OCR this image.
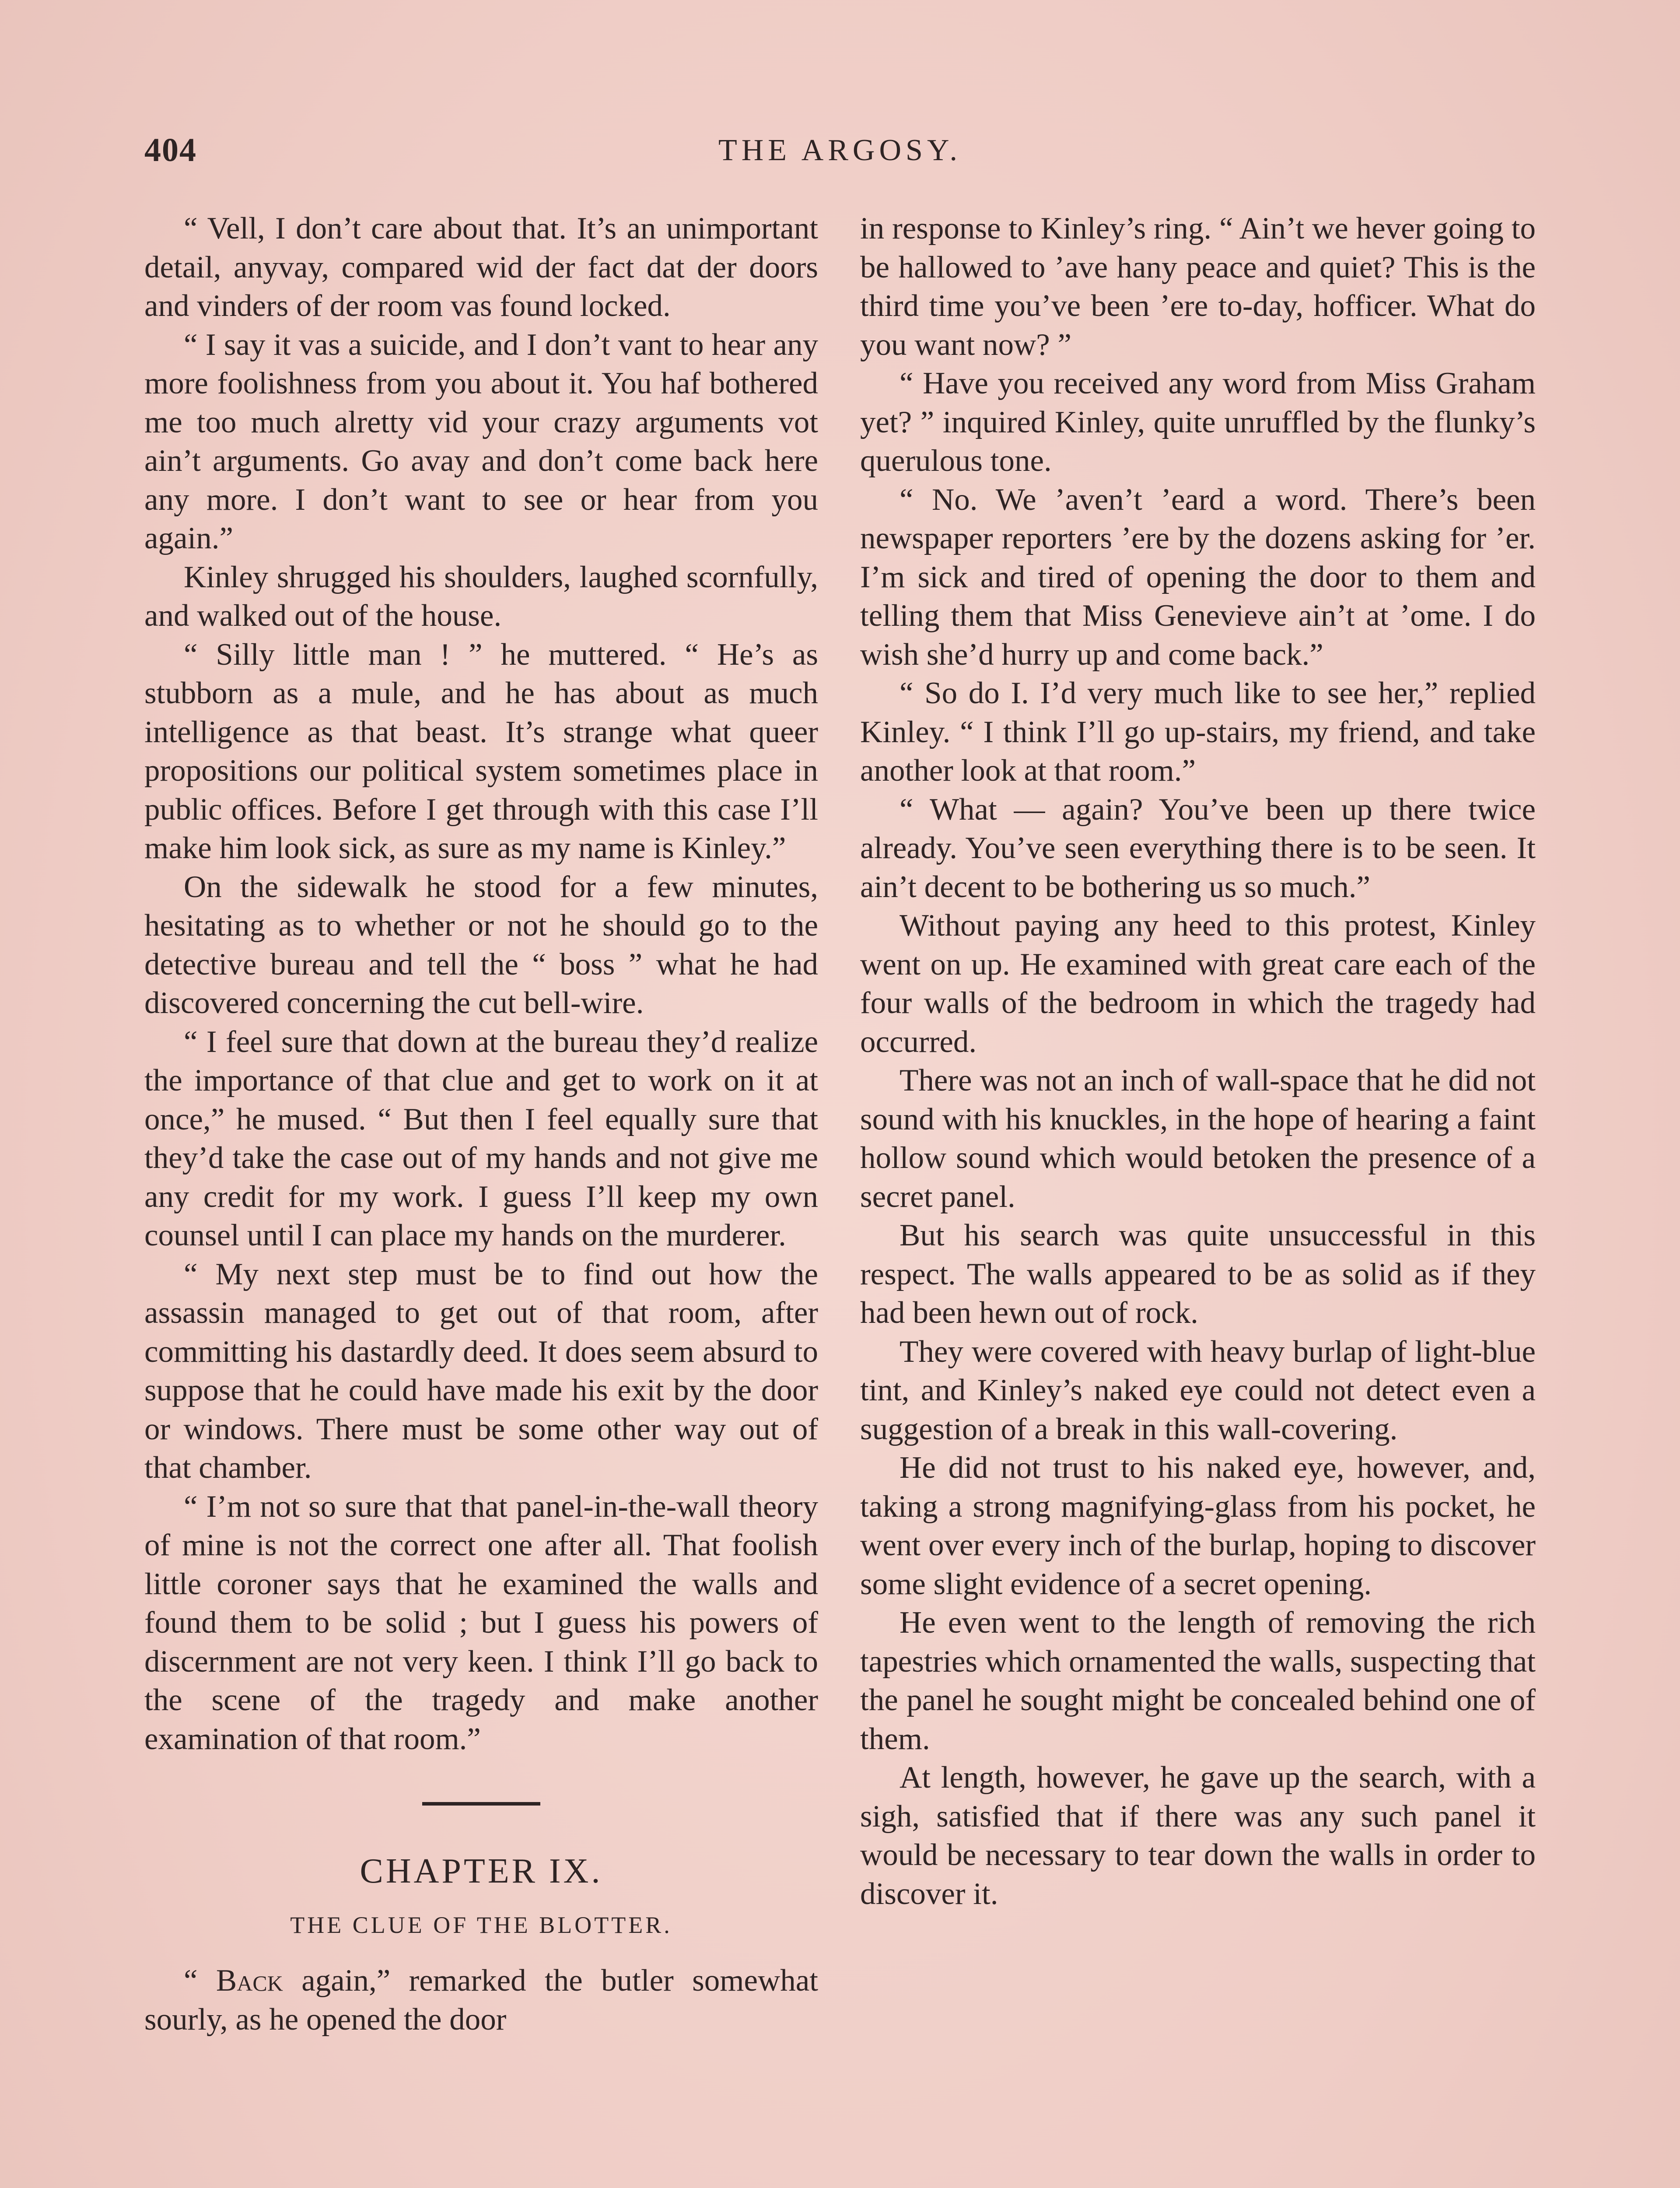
404	THE ARGOSY.

“ Vell, I don’t care about that. It’s an unimportant detail, anyvay, compared wid der fact dat der doors and vinders of der room vas found locked.

“ I say it vas a suicide, and I don’t vant to hear any more foolishness from you about it. You haf bothered me too much alretty vid your crazy arguments vot ain’t arguments. Go avay and don’t come back here any more. I don’t want to see or hear from you again.”

Kinley shrugged his shoulders, laughed scornfully, and walked out of the house.

“ Silly little man ! ” he muttered. “ He’s as stubborn as a mule, and he has about as much intelligence as that beast. It’s strange what queer propositions our political system sometimes place in public offices. Before I get through with this case I’ll make him look sick, as sure as my name is Kinley.”

On the sidewalk he stood for a few minutes, hesitating as to whether or not he should go to the detective bureau and tell the “ boss ” what he had discovered concerning the cut bell-wire.

“ I feel sure that down at the bureau they’d realize the importance of that clue and get to work on it at once,” he mused. “ But then I feel equally sure that they’d take the case out of my hands and not give me any credit for my work. I guess I’ll keep my own counsel until I can place my hands on the murderer.

“ My next step must be to find out how the assassin managed to get out of that room, after committing his dastardly deed. It does seem absurd to suppose that he could have made his exit by the door or windows. There must be some other way out of that chamber.

“ I’m not so sure that that panel-in-the-wall theory of mine is not the correct one after all. That foolish little coroner says that he examined the walls and found them to be solid ; but I guess his powers of discernment are not very keen. I think I’ll go back to the scene of the tragedy and make another examination of that room.”

CHAPTER IX.

THE CLUE OF THE BLOTTER.

“ Back again,” remarked the butler somewhat sourly, as he opened the door

in response to Kinley’s ring. “ Ain’t we hever going to be hallowed to ’ave hany peace and quiet? This is the third time you’ve been ’ere to-day, hofficer. What do you want now? ”

“ Have you received any word from Miss Graham yet? ” inquired Kinley, quite unruffled by the flunky’s querulous tone.

“ No. We ’aven’t ’eard a word. There’s been newspaper reporters ’ere by the dozens asking for ’er. I’m sick and tired of opening the door to them and telling them that Miss Genevieve ain’t at ’ome. I do wish she’d hurry up and come back.”

“ So do I. I’d very much like to see her,” replied Kinley. “ I think I’ll go up-stairs, my friend, and take another look at that room.”

“ What — again? You’ve been up there twice already. You’ve seen everything there is to be seen. It ain’t decent to be bothering us so much.”

Without paying any heed to this protest, Kinley went on up. He examined with great care each of the four walls of the bedroom in which the tragedy had occurred.

There was not an inch of wall-space that he did not sound with his knuckles, in the hope of hearing a faint hollow sound which would betoken the presence of a secret panel.

But his search was quite unsuccessful in this respect. The walls appeared to be as solid as if they had been hewn out of rock.

They were covered with heavy burlap of light-blue tint, and Kinley’s naked eye could not detect even a suggestion of a break in this wall-covering.

He did not trust to his naked eye, however, and, taking a strong magnifying-glass from his pocket, he went over every inch of the burlap, hoping to discover some slight evidence of a secret opening.

He even went to the length of removing the rich tapestries which ornamented the walls, suspecting that the panel he sought might be concealed behind one of them.

At length, however, he gave up the search, with a sigh, satisfied that if there was any such panel it would be necessary to tear down the walls in order to discover it.
